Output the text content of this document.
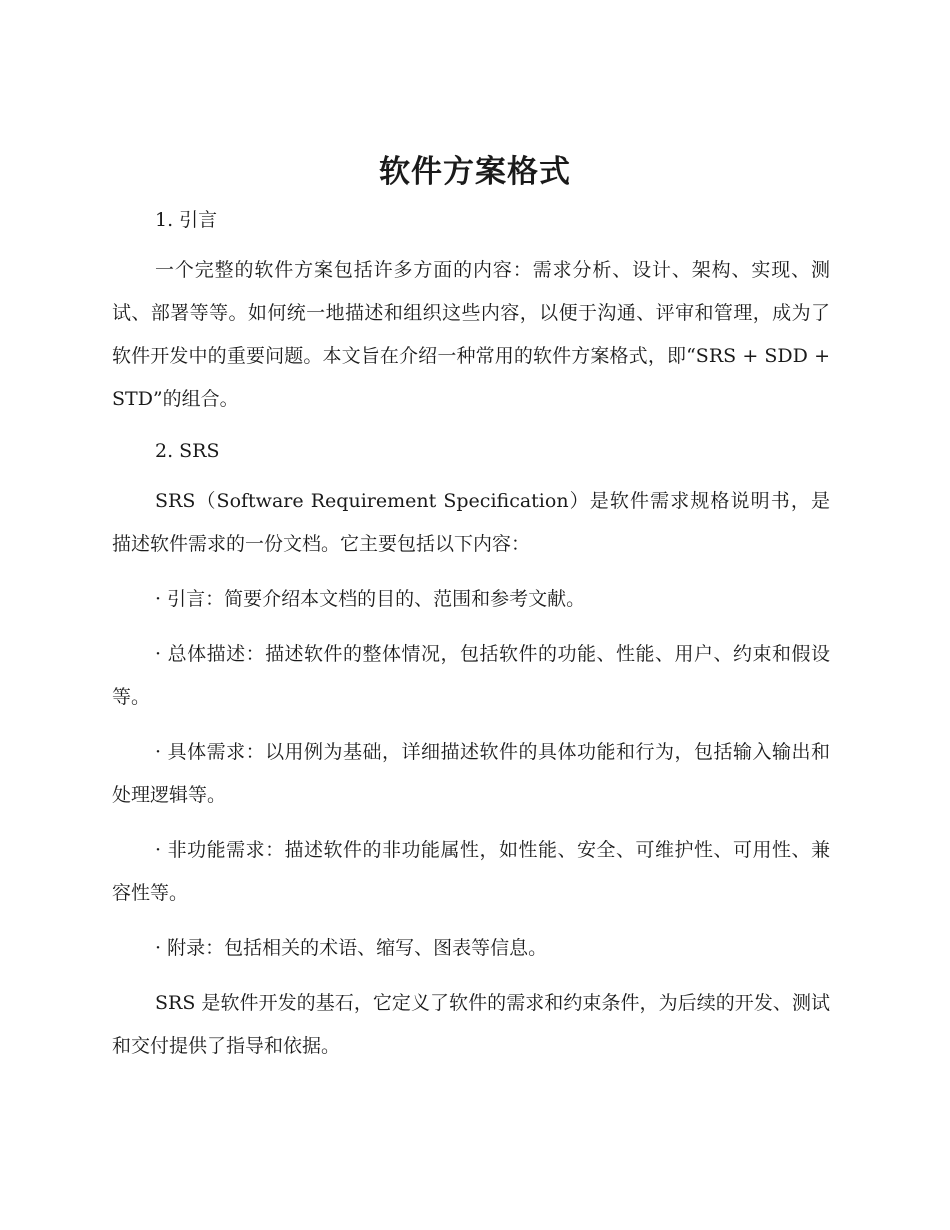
软件方案格式
1. 引言

一个完整的软件方案包括许多方面的内容：需求分析、设计、架构、实现、测试、部署等等。如何统一地描述和组织这些内容，以便于沟通、评审和管理，成为了软件开发中的重要问题。本文旨在介绍一种常用的软件方案格式，即“SRS + SDD + STD”的组合。

2. SRS

SRS（Software Requirement Specification）是软件需求规格说明书，是描述软件需求的一份文档。它主要包括以下内容：

· 引言：简要介绍本文档的目的、范围和参考文献。

· 总体描述：描述软件的整体情况，包括软件的功能、性能、用户、约束和假设等。

· 具体需求：以用例为基础，详细描述软件的具体功能和行为，包括输入输出和处理逻辑等。

· 非功能需求：描述软件的非功能属性，如性能、安全、可维护性、可用性、兼容性等。

· 附录：包括相关的术语、缩写、图表等信息。

SRS 是软件开发的基石，它定义了软件的需求和约束条件，为后续的开发、测试和交付提供了指导和依据。
